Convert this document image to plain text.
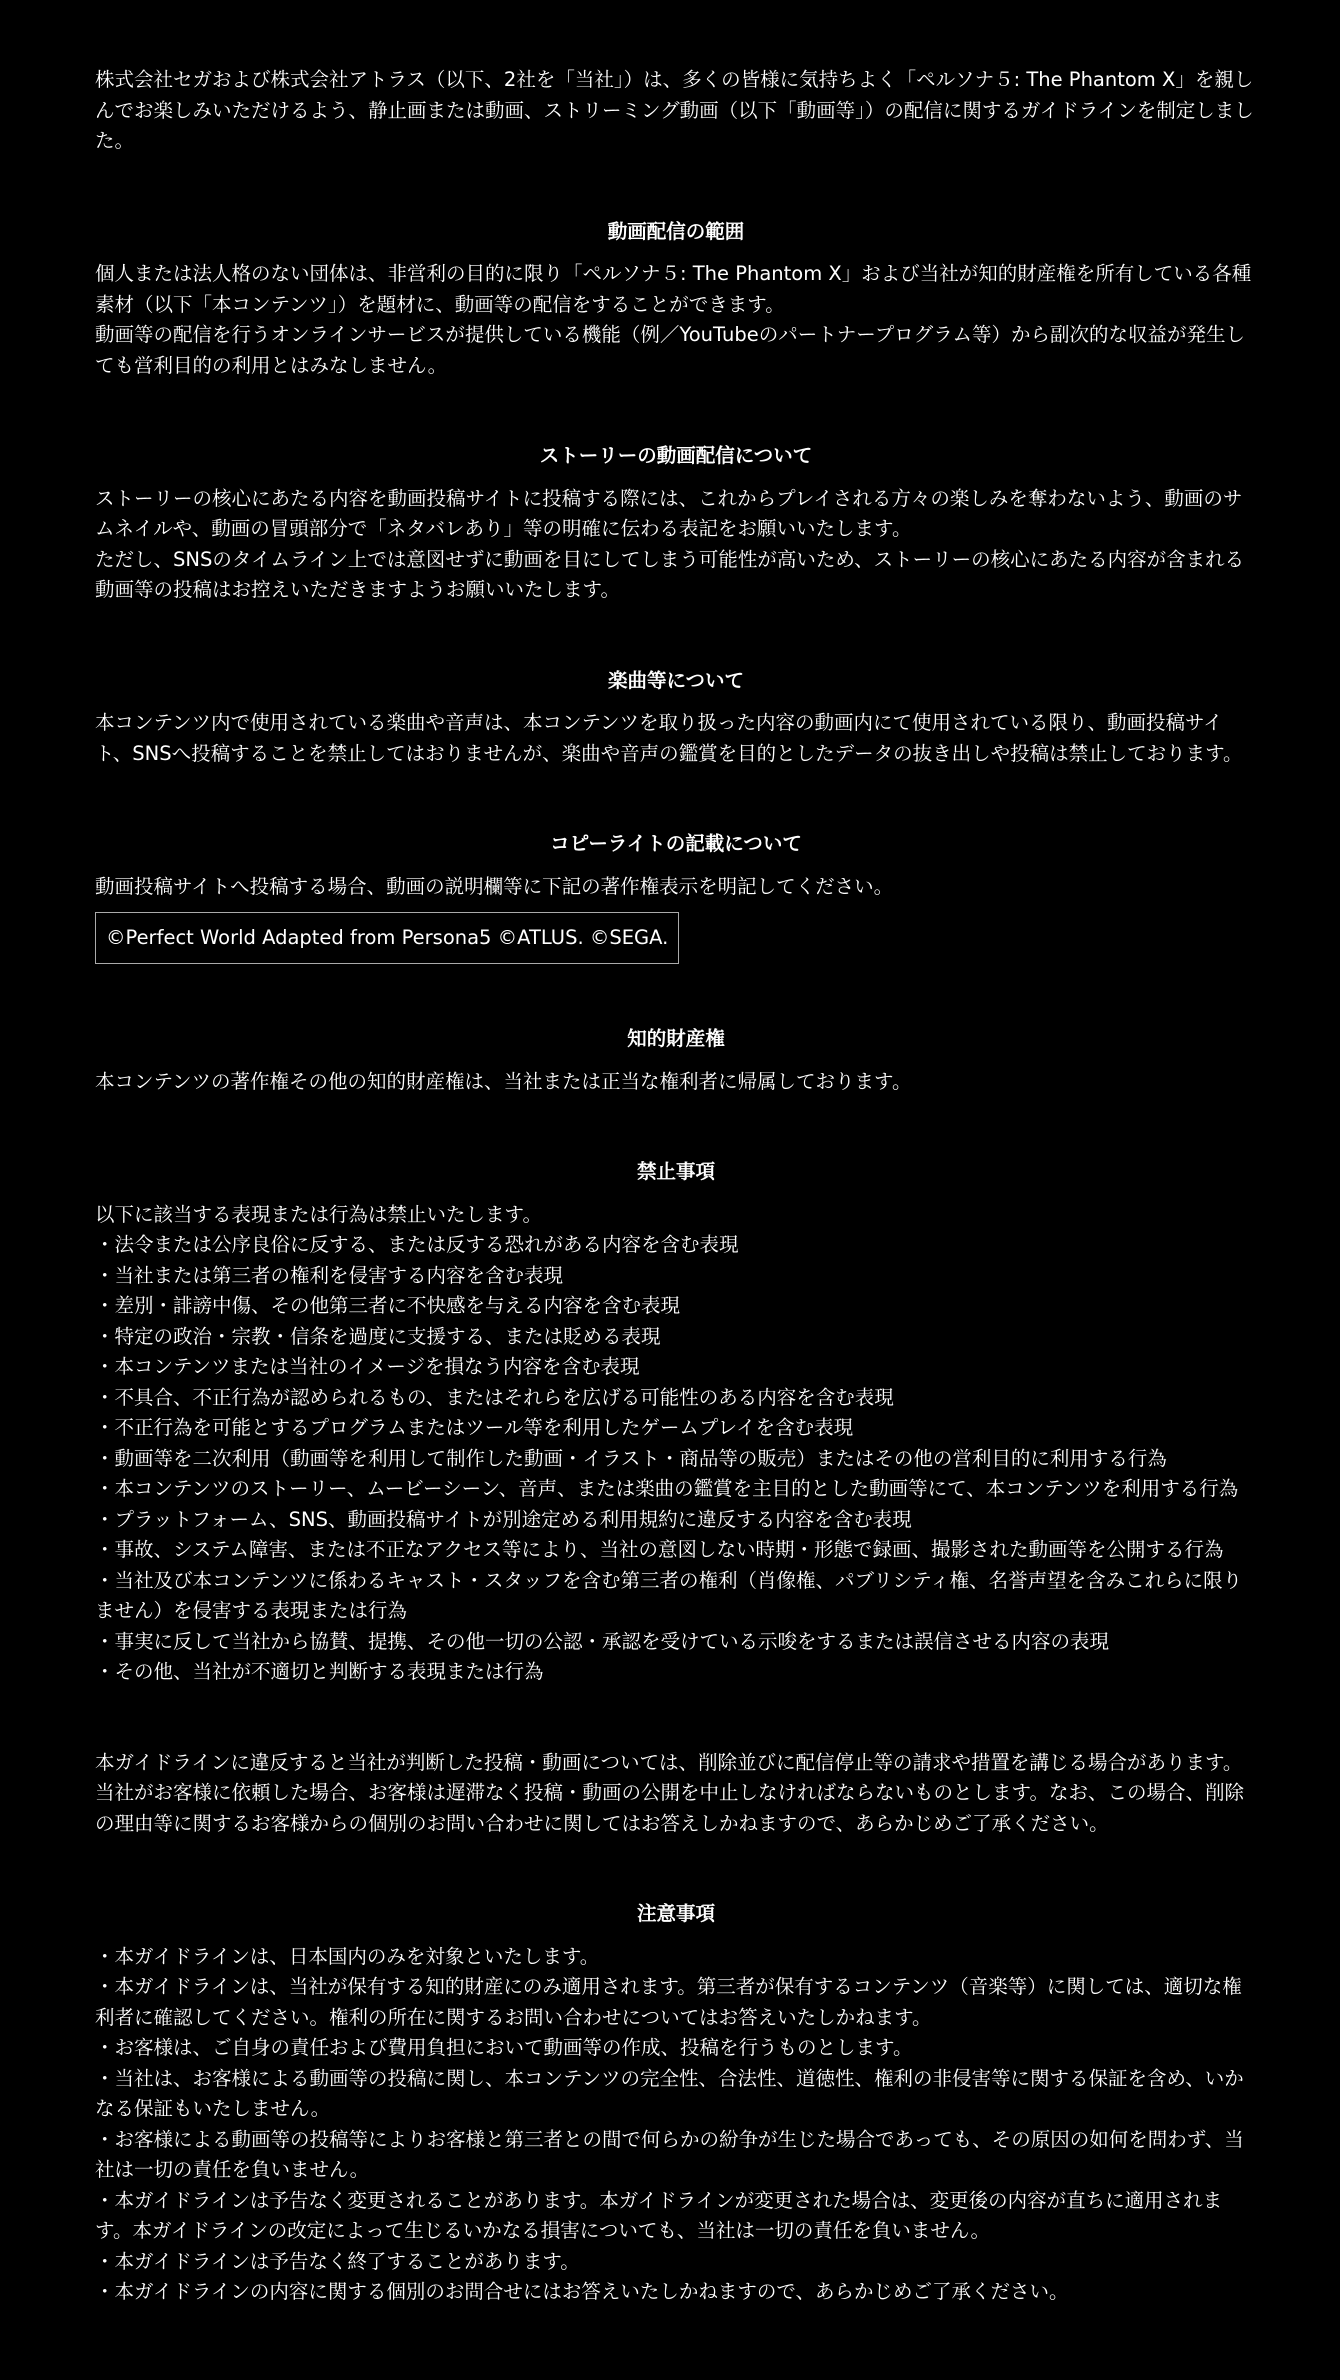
株式会社セガおよび株式会社アトラス（以下、2社を「当社」）は、多くの皆様に気持ちよく「ペルソナ５: The Phantom X」を親しんでお楽しみいただけるよう、静止画または動画、ストリーミング動画（以下「動画等」）の配信に関するガイドラインを制定しました。

動画配信の範囲

個人または法人格のない団体は、非営利の目的に限り「ペルソナ５: The Phantom X」および当社が知的財産権を所有している各種素材（以下「本コンテンツ」）を題材に、動画等の配信をすることができます。

動画等の配信を行うオンラインサービスが提供している機能（例／YouTubeのパートナープログラム等）から副次的な収益が発生しても営利目的の利用とはみなしません。

ストーリーの動画配信について

ストーリーの核心にあたる内容を動画投稿サイトに投稿する際には、これからプレイされる方々の楽しみを奪わないよう、動画のサムネイルや、動画の冒頭部分で「ネタバレあり」等の明確に伝わる表記をお願いいたします。

ただし、SNSのタイムライン上では意図せずに動画を目にしてしまう可能性が高いため、ストーリーの核心にあたる内容が含まれる動画等の投稿はお控えいただきますようお願いいたします。

楽曲等について

本コンテンツ内で使用されている楽曲や音声は、本コンテンツを取り扱った内容の動画内にて使用されている限り、動画投稿サイト、SNSへ投稿することを禁止してはおりませんが、楽曲や音声の鑑賞を目的としたデータの抜き出しや投稿は禁止しております。

コピーライトの記載について

動画投稿サイトへ投稿する場合、動画の説明欄等に下記の著作権表示を明記してください。

©Perfect World Adapted from Persona5 ©ATLUS. ©SEGA.
知的財産権

本コンテンツの著作権その他の知的財産権は、当社または正当な権利者に帰属しております。

禁止事項

以下に該当する表現または行為は禁止いたします。

・法令または公序良俗に反する、または反する恐れがある内容を含む表現
・当社または第三者の権利を侵害する内容を含む表現
・差別・誹謗中傷、その他第三者に不快感を与える内容を含む表現
・特定の政治・宗教・信条を過度に支援する、または貶める表現
・本コンテンツまたは当社のイメージを損なう内容を含む表現
・不具合、不正行為が認められるもの、またはそれらを広げる可能性のある内容を含む表現
・不正行為を可能とするプログラムまたはツール等を利用したゲームプレイを含む表現
・動画等を二次利用（動画等を利用して制作した動画・イラスト・商品等の販売）またはその他の営利目的に利用する行為
・本コンテンツのストーリー、ムービーシーン、音声、または楽曲の鑑賞を主目的とした動画等にて、本コンテンツを利用する行為
・プラットフォーム、SNS、動画投稿サイトが別途定める利用規約に違反する内容を含む表現
・事故、システム障害、または不正なアクセス等により、当社の意図しない時期・形態で録画、撮影された動画等を公開する行為
・当社及び本コンテンツに係わるキャスト・スタッフを含む第三者の権利（肖像権、パブリシティ権、名誉声望を含みこれらに限りません）を侵害する表現または行為
・事実に反して当社から協賛、提携、その他一切の公認・承認を受けている示唆をするまたは誤信させる内容の表現
・その他、当社が不適切と判断する表現または行為

本ガイドラインに違反すると当社が判断した投稿・動画については、削除並びに配信停止等の請求や措置を講じる場合があります。当社がお客様に依頼した場合、お客様は遅滞なく投稿・動画の公開を中止しなければならないものとします。なお、この場合、削除の理由等に関するお客様からの個別のお問い合わせに関してはお答えしかねますので、あらかじめご了承ください。

注意事項
・本ガイドラインは、日本国内のみを対象といたします。
・本ガイドラインは、当社が保有する知的財産にのみ適用されます。第三者が保有するコンテンツ（音楽等）に関しては、適切な権利者に確認してください。権利の所在に関するお問い合わせについてはお答えいたしかねます。
・お客様は、ご自身の責任および費用負担において動画等の作成、投稿を行うものとします。
・当社は、お客様による動画等の投稿に関し、本コンテンツの完全性、合法性、道徳性、権利の非侵害等に関する保証を含め、いかなる保証もいたしません。
・お客様による動画等の投稿等によりお客様と第三者との間で何らかの紛争が生じた場合であっても、その原因の如何を問わず、当社は一切の責任を負いません。
・本ガイドラインは予告なく変更されることがあります。本ガイドラインが変更された場合は、変更後の内容が直ちに適用されます。本ガイドラインの改定によって生じるいかなる損害についても、当社は一切の責任を負いません。
・本ガイドラインは予告なく終了することがあります。
・本ガイドラインの内容に関する個別のお問合せにはお答えいたしかねますので、あらかじめご了承ください。
